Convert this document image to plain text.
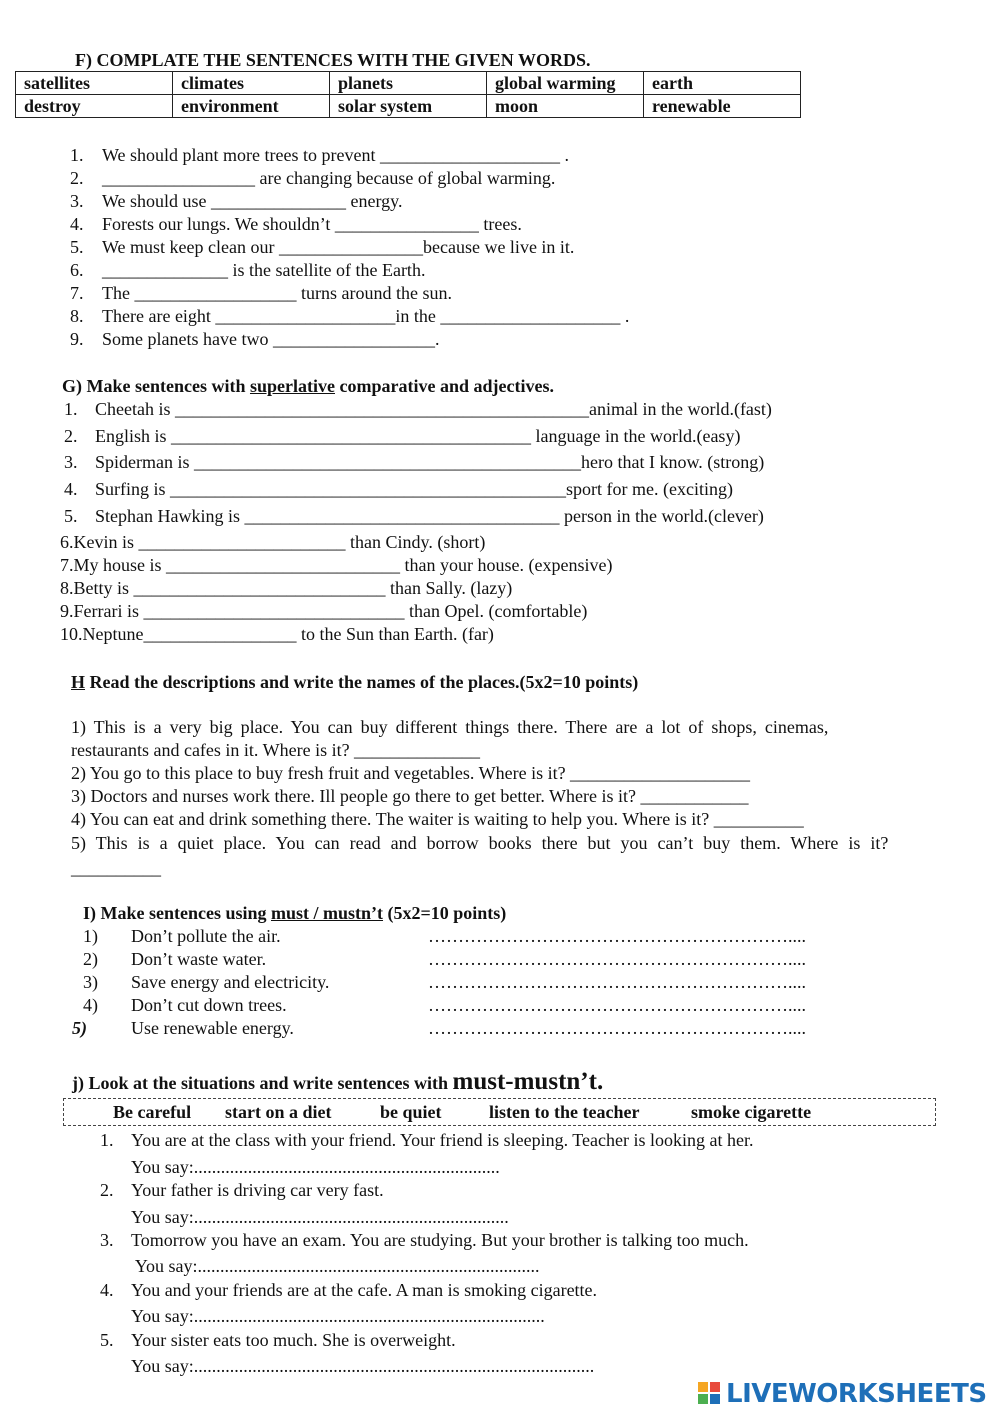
F) COMPLATE THE SENTENCES WITH THE GIVEN WORDS.
satellites	climates	planets	global warming	earth
destroy	environment	solar system	moon	renewable
1. We should plant more trees to prevent ____________________ .
2. _________________ are changing because of global warming.
3. We should use _______________ energy.
4. Forests our lungs. We shouldn’t ________________ trees.
5. We must keep clean our ________________because we live in it.
6. ______________ is the satellite of the Earth.
7. The __________________ turns around the sun.
8. There are eight ____________________in the ____________________ .
9. Some planets have two __________________.
G) Make sentences with superlative comparative and adjectives.
1. Cheetah is ______________________________________________animal in the world.(fast)
2. English is ________________________________________ language in the world.(easy)
3. Spiderman is ___________________________________________hero that I know. (strong)
4. Surfing is ____________________________________________sport for me. (exciting)
5. Stephan Hawking is ___________________________________ person in the world.(clever)
6.Kevin is _______________________ than Cindy. (short)
7.My house is __________________________ than your house. (expensive)
8.Betty is ____________________________ than Sally. (lazy)
9.Ferrari is _____________________________ than Opel. (comfortable)
10.Neptune_________________ to the Sun than Earth. (far)
H Read the descriptions and write the names of the places.(5x2=10 points)
1) This is a very big place. You can buy different things there. There are a lot of shops, cinemas,
restaurants and cafes in it. Where is it? ______________
2) You go to this place to buy fresh fruit and vegetables. Where is it? ____________________
3) Doctors and nurses work there. Ill people go there to get better. Where is it? ____________
4) You can eat and drink something there. The waiter is waiting to help you. Where is it? __________
5) This is a quiet place. You can read and borrow books there but you can’t buy them. Where is it?
__________
I) Make sentences using must / mustn’t (5x2=10 points)
1) Don’t pollute the air.	……………………………………………………....
2) Don’t waste water.	……………………………………………………....
3) Save energy and electricity.	……………………………………………………....
4) Don’t cut down trees.	……………………………………………………....
5) Use renewable energy.	……………………………………………………....
j) Look at the situations and write sentences with must-mustn’t.
Be careful start on a diet	be quiet	listen to the teacher	smoke cigarette
1. You are at the class with your friend. Your friend is sleeping. Teacher is looking at her.
You say:....................................................................
2. Your father is driving car very fast.
You say:......................................................................
3. Tomorrow you have an exam. You are studying. But your brother is talking too much.
You say:............................................................................
4. You and your friends are at the cafe. A man is smoking cigarette.
You say:..............................................................................
5. Your sister eats too much. She is overweight.
You say:.........................................................................................
LIVEWORKSHEETS
